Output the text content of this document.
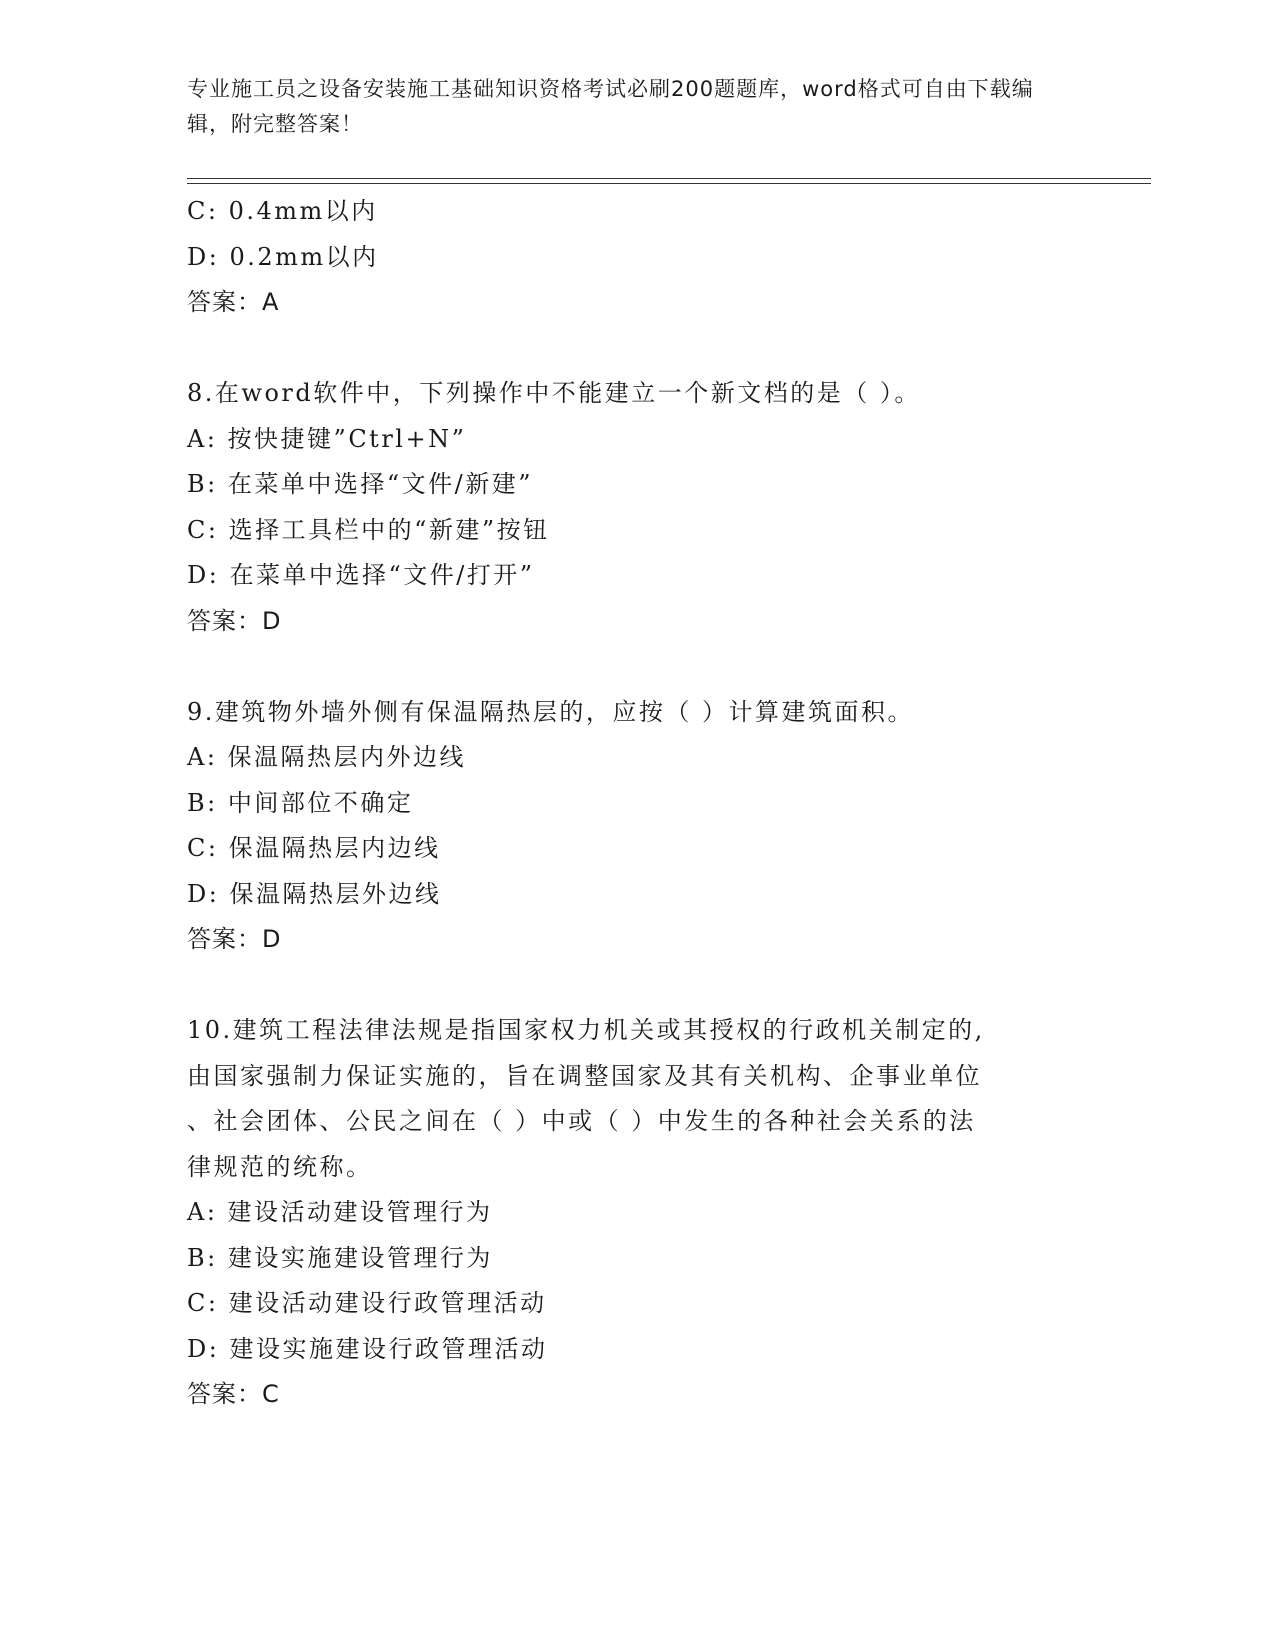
专业施工员之设备安装施工基础知识资格考试必刷200题题库，word格式可自由下载编辑，附完整答案！
C: 0.4mm以内
D: 0.2mm以内
答案：A
8.在word软件中，下列操作中不能建立一个新文档的是（ ）。
A: 按快捷键”Ctrl+N”
B: 在菜单中选择“文件/新建”
C: 选择工具栏中的“新建”按钮
D: 在菜单中选择“文件/打开”
答案：D
9.建筑物外墙外侧有保温隔热层的，应按（ ）计算建筑面积。
A: 保温隔热层内外边线
B: 中间部位不确定
C: 保温隔热层内边线
D: 保温隔热层外边线
答案：D
10.建筑工程法律法规是指国家权力机关或其授权的行政机关制定的,
由国家强制力保证实施的，旨在调整国家及其有关机构、企事业单位
、社会团体、公民之间在（ ）中或（ ）中发生的各种社会关系的法
律规范的统称。
A: 建设活动建设管理行为
B: 建设实施建设管理行为
C: 建设活动建设行政管理活动
D: 建设实施建设行政管理活动
答案：C
